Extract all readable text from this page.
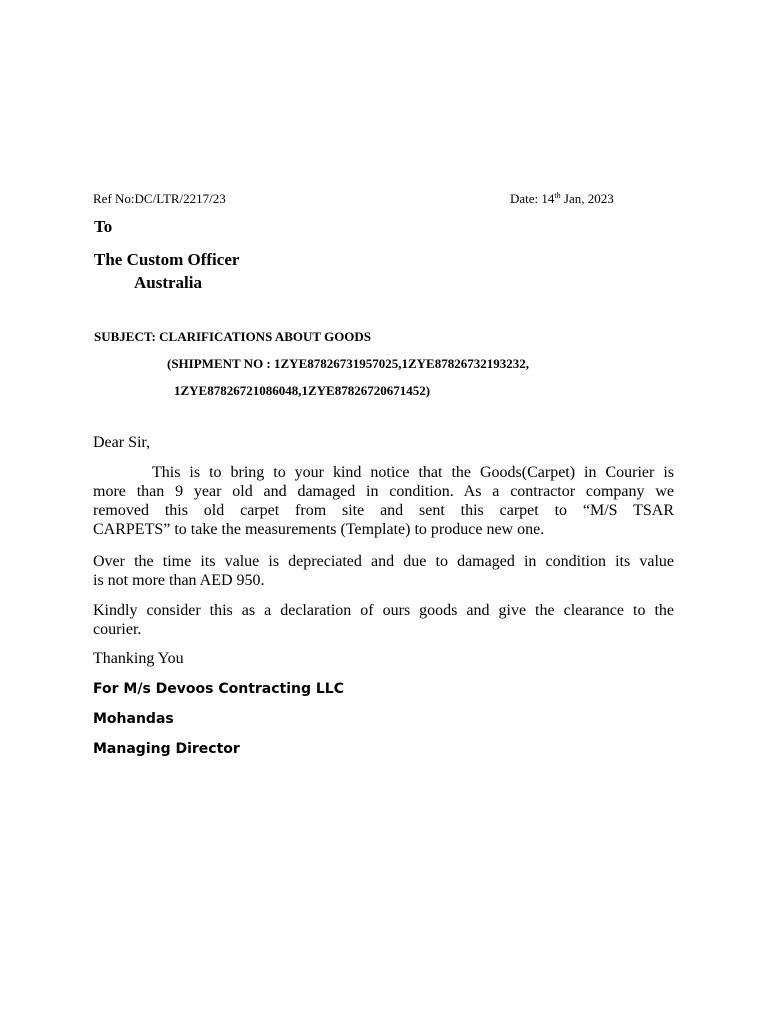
Ref No:DC/LTR/2217/23	Date: 14th Jan, 2023
To
The Custom Officer
Australia
SUBJECT: CLARIFICATIONS ABOUT GOODS
(SHIPMENT NO : 1ZYE87826731957025,1ZYE87826732193232,
1ZYE87826721086048,1ZYE87826720671452)
Dear Sir,
This is to bring to your kind notice that the Goods(Carpet) in Courier is
more than 9 year old and damaged in condition. As a contractor company we
removed this old carpet from site and sent this carpet to “M/S TSAR
CARPETS” to take the measurements (Template) to produce new one.
Over the time its value is depreciated and due to damaged in condition its value
is not more than AED 950.
Kindly consider this as a declaration of ours goods and give the clearance to the
courier.
Thanking You
For M/s Devoos Contracting LLC
Mohandas
Managing Director
